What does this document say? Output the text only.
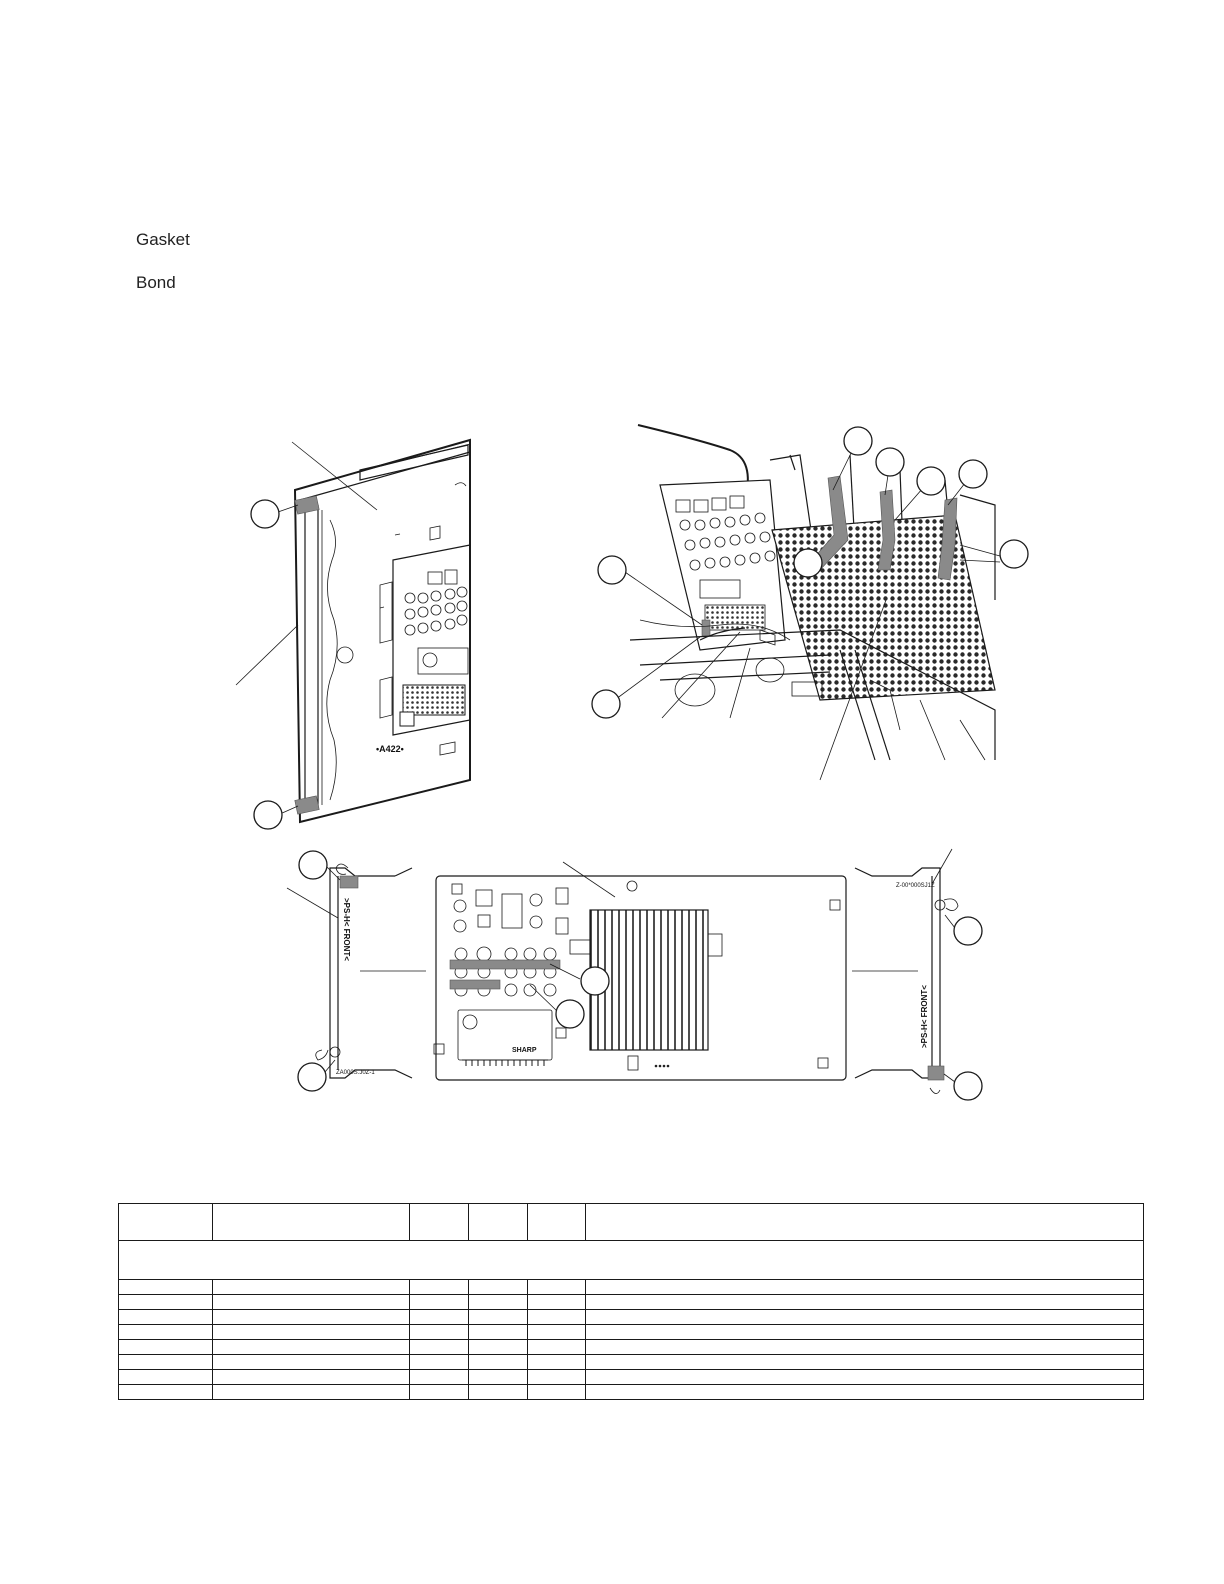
Gasket
Bond
•A422•
>PS-H< FRONT<
ZA000S.J0Z-1
SHARP
>PS-H< FRONT<
Z-00*000SJ1Z
